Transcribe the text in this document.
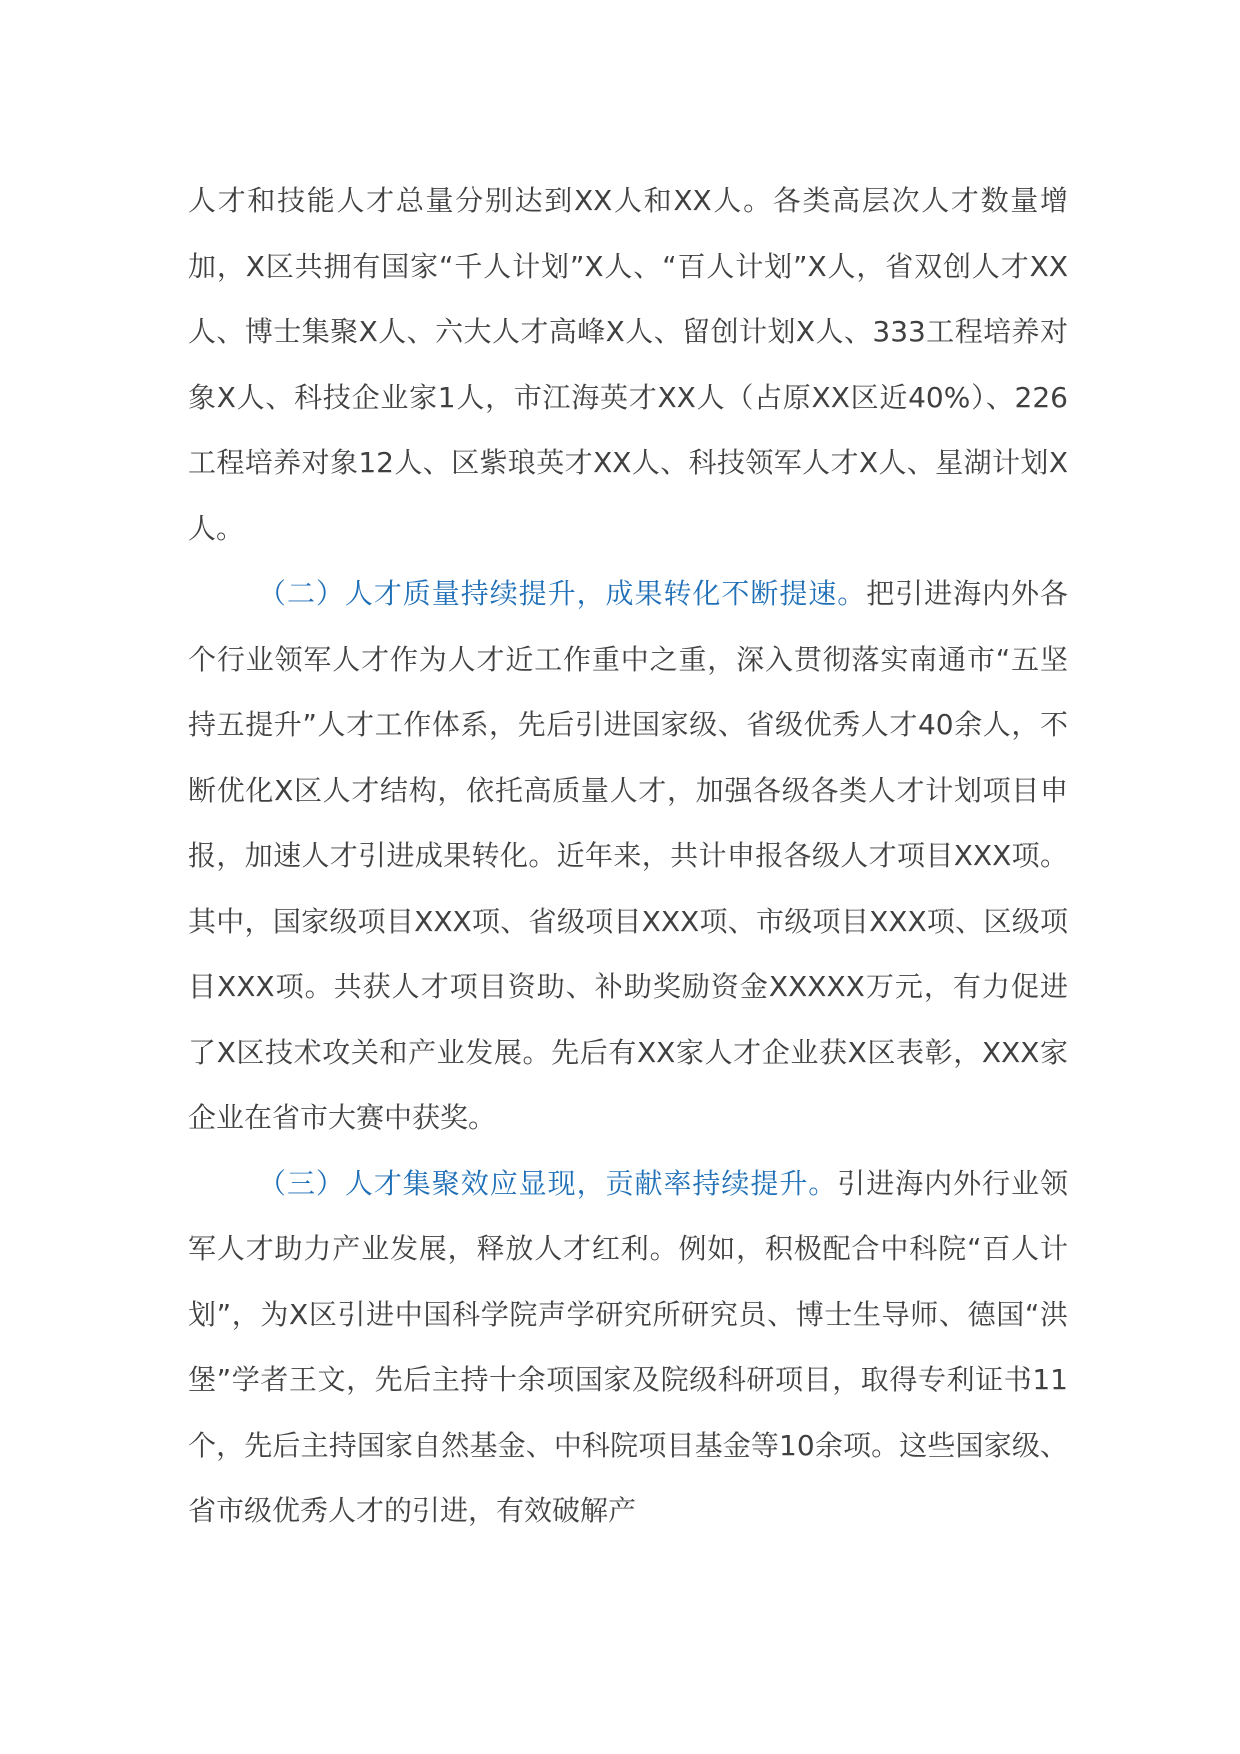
人才和技能人才总量分别达到XX人和XX人。各类高层次人才数量增加，X区共拥有国家“千人计划”X人、“百人计划”X人，省双创人才XX人、博士集聚X人、六大人才高峰X人、留创计划X人、333工程培养对象X人、科技企业家1人，市江海英才XX人（占原XX区近40%）、226工程培养对象12人、区紫琅英才XX人、科技领军人才X人、星湖计划X人。

（二）人才质量持续提升，成果转化不断提速。把引进海内外各个行业领军人才作为人才近工作重中之重，深入贯彻落实南通市“五坚持五提升”人才工作体系，先后引进国家级、省级优秀人才40余人，不断优化X区人才结构，依托高质量人才，加强各级各类人才计划项目申报，加速人才引进成果转化。近年来，共计申报各级人才项目XXX项。其中，国家级项目XXX项、省级项目XXX项、市级项目XXX项、区级项目XXX项。共获人才项目资助、补助奖励资金XXXXX万元，有力促进了X区技术攻关和产业发展。先后有XX家人才企业获X区表彰，XXX家企业在省市大赛中获奖。

（三）人才集聚效应显现，贡献率持续提升。引进海内外行业领军人才助力产业发展，释放人才红利。例如，积极配合中科院“百人计划”，为X区引进中国科学院声学研究所研究员、博士生导师、德国“洪堡”学者王文，先后主持十余项国家及院级科研项目，取得专利证书11个，先后主持国家自然基金、中科院项目基金等10余项。这些国家级、省市级优秀人才的引进，有效破解产
